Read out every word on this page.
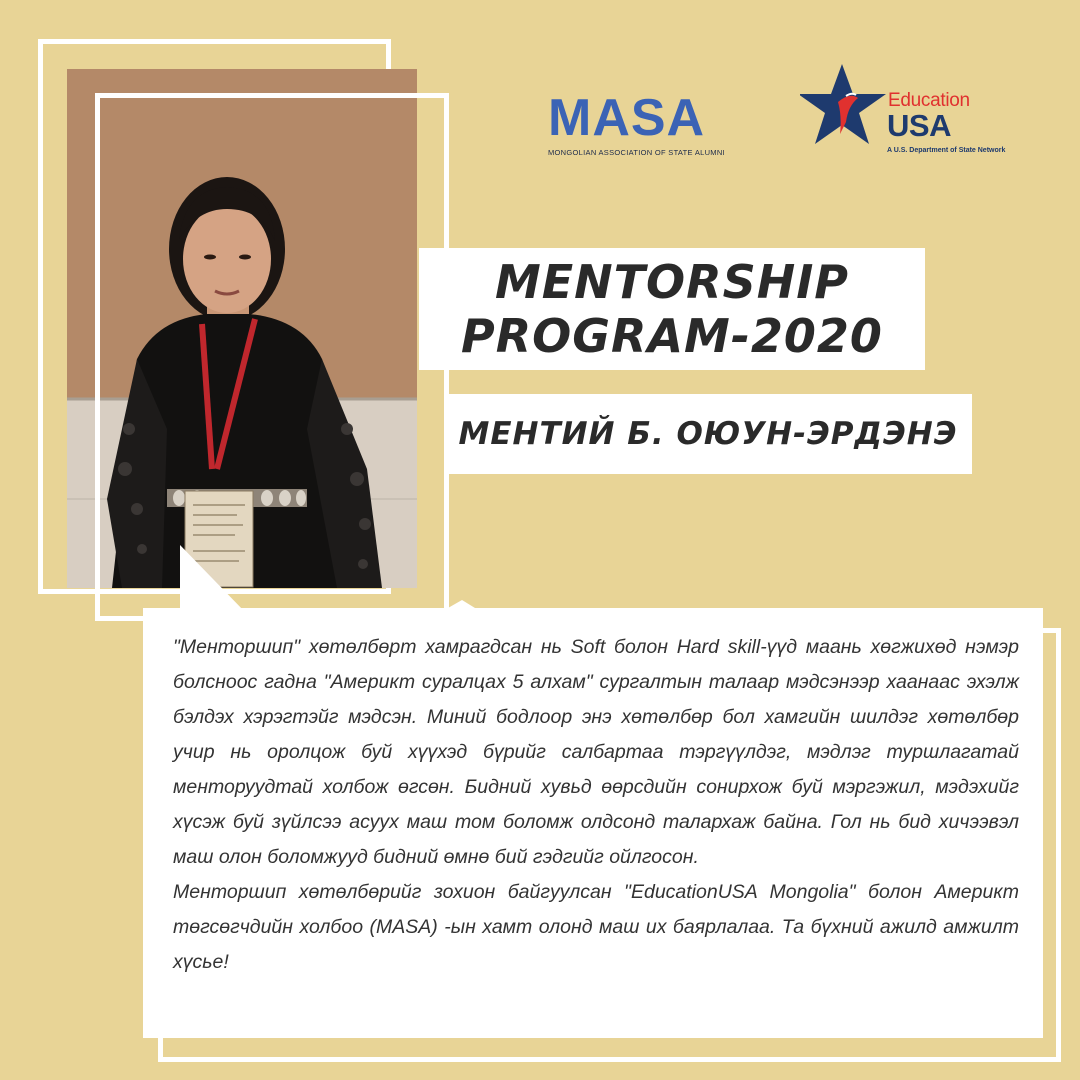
MASA
MONGOLIAN ASSOCIATION OF STATE ALUMNI
Education
USA
A U.S. Department of State Network
MENTORSHIP
PROGRAM-2020
МЕНТИЙ Б. ОЮУН-ЭРДЭНЭ

"Менторшип" хөтөлбөрт хамрагдсан нь Soft болон Hard skill-үүд маань хөгжихөд нэмэр болсноос гадна "Америкт суралцах 5 алхам" сургалтын талаар мэдсэнээр хаанаас эхэлж бэлдэх хэрэгтэйг мэдсэн. Миний бодлоор энэ хөтөлбөр бол хамгийн шилдэг хөтөлбөр учир нь оролцож буй хүүхэд бүрийг салбартаа тэргүүлдэг, мэдлэг туршлагатай менторуудтай холбож өгсөн. Бидний хувьд өөрсдийн сонирхож буй мэргэжил, мэдэхийг хүсэж буй зүйлсээ асуух маш том боломж олдсонд талархаж байна. Гол нь бид хичээвэл маш олон боломжууд бидний өмнө бий гэдгийг ойлгосон.

Менторшип хөтөлбөрийг зохион байгуулсан "EducationUSA Mongolia" болон Америкт төгсөгчдийн холбоо (MASA) -ын хамт олонд маш их баярлалаа. Та бүхний ажилд амжилт хүсье!
